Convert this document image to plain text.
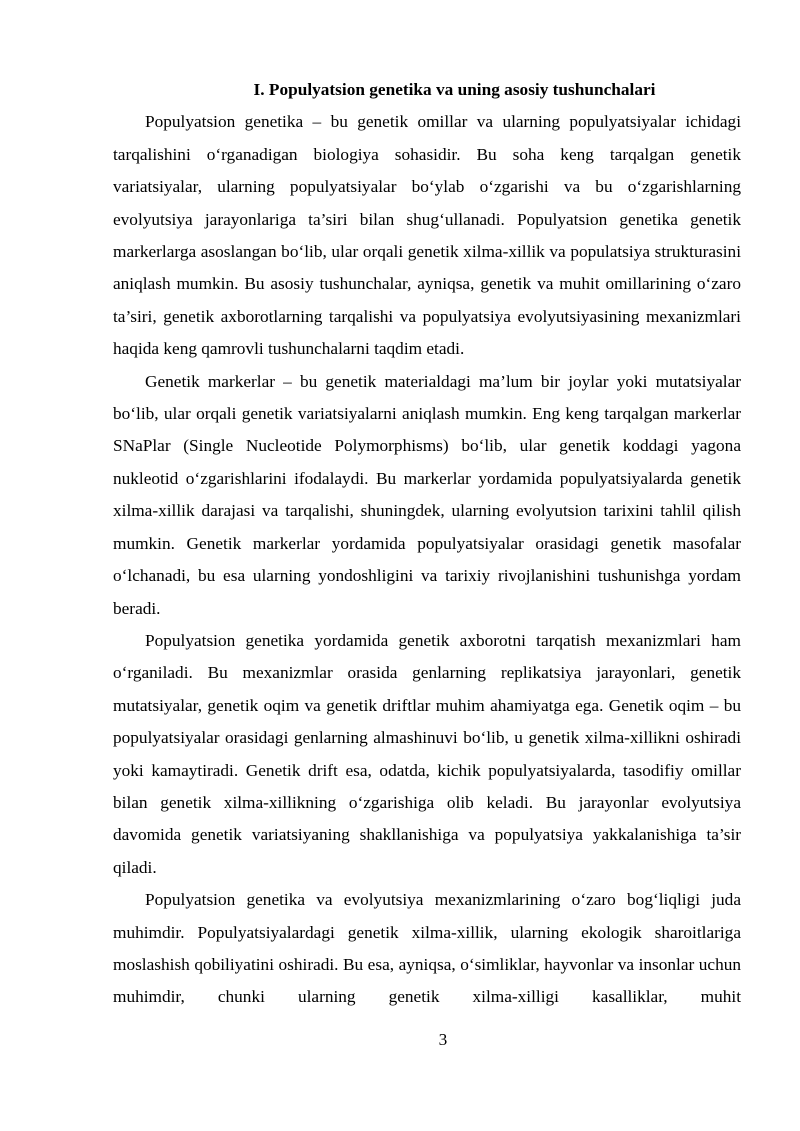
I. Populyatsion genetika va uning asosiy tushunchalari

Populyatsion genetika – bu genetik omillar va ularning populyatsiyalar ichidagi tarqalishini o‘rganadigan biologiya sohasidir. Bu soha keng tarqalgan genetik variatsiyalar, ularning populyatsiyalar bo‘ylab o‘zgarishi va bu o‘zgarishlarning evolyutsiya jarayonlariga ta’siri bilan shug‘ullanadi. Populyatsion genetika genetik markerlarga asoslangan bo‘lib, ular orqali genetik xilma-xillik va populatsiya strukturasini aniqlash mumkin. Bu asosiy tushunchalar, ayniqsa, genetik va muhit omillarining o‘zaro ta’siri, genetik axborotlarning tarqalishi va populyatsiya evolyutsiyasining mexanizmlari haqida keng qamrovli tushunchalarni taqdim etadi.

Genetik markerlar – bu genetik materialdagi ma’lum bir joylar yoki mutatsiyalar bo‘lib, ular orqali genetik variatsiyalarni aniqlash mumkin. Eng keng tarqalgan markerlar SNaPlar (Single Nucleotide Polymorphisms) bo‘lib, ular genetik koddagi yagona nukleotid o‘zgarishlarini ifodalaydi. Bu markerlar yordamida populyatsiyalarda genetik xilma-xillik darajasi va tarqalishi, shuningdek, ularning evolyutsion tarixini tahlil qilish mumkin. Genetik markerlar yordamida populyatsiyalar orasidagi genetik masofalar o‘lchanadi, bu esa ularning yondoshligini va tarixiy rivojlanishini tushunishga yordam beradi.

Populyatsion genetika yordamida genetik axborotni tarqatish mexanizmlari ham o‘rganiladi. Bu mexanizmlar orasida genlarning replikatsiya jarayonlari, genetik mutatsiyalar, genetik oqim va genetik driftlar muhim ahamiyatga ega. Genetik oqim – bu populyatsiyalar orasidagi genlarning almashinuvi bo‘lib, u genetik xilma-xillikni oshiradi yoki kamaytiradi. Genetik drift esa, odatda, kichik populyatsiyalarda, tasodifiy omillar bilan genetik xilma-xillikning o‘zgarishiga olib keladi. Bu jarayonlar evolyutsiya davomida genetik variatsiyaning shakllanishiga va populyatsiya yakkalanishiga ta’sir qiladi.

Populyatsion genetika va evolyutsiya mexanizmlarining o‘zaro bog‘liqligi juda muhimdir. Populyatsiyalardagi genetik xilma-xillik, ularning ekologik sharoitlariga moslashish qobiliyatini oshiradi. Bu esa, ayniqsa, o‘simliklar, hayvonlar va insonlar uchun muhimdir, chunki ularning genetik xilma-xilligi kasalliklar, muhit

3
